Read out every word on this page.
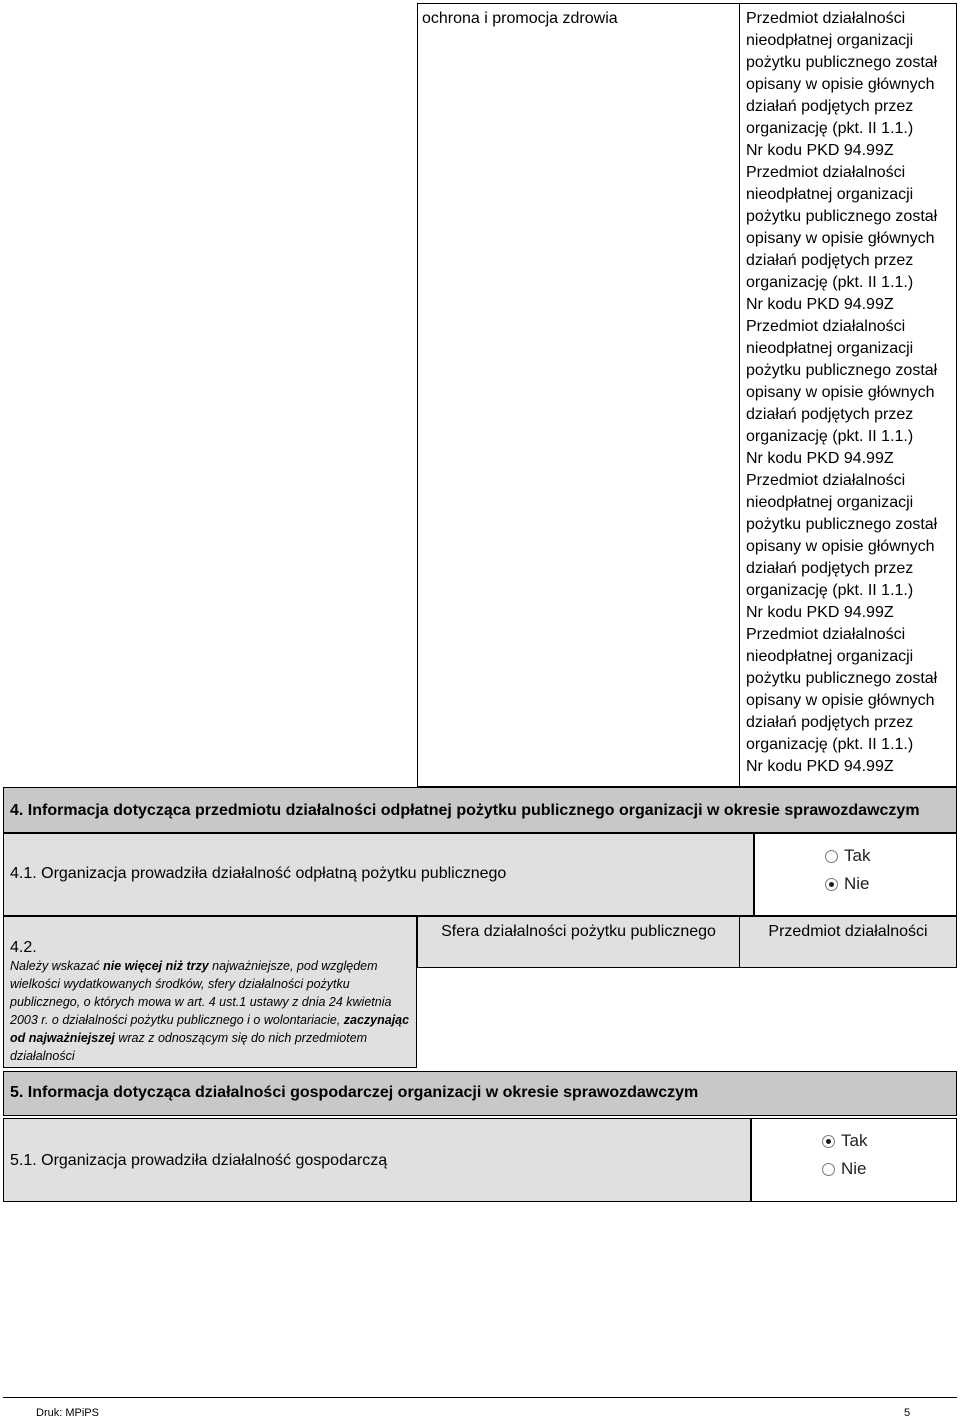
ochrona i promocja zdrowia	Przedmiot działalności nieodpłatnej organizacji pożytku publicznego został opisany w opisie głównych działań podjętych przez organizację (pkt. II 1.1.)
Nr kodu PKD 94.99Z
Przedmiot działalności nieodpłatnej organizacji pożytku publicznego został opisany w opisie głównych działań podjętych przez organizację (pkt. II 1.1.)
Nr kodu PKD 94.99Z
Przedmiot działalności nieodpłatnej organizacji pożytku publicznego został opisany w opisie głównych działań podjętych przez organizację (pkt. II 1.1.)
Nr kodu PKD 94.99Z
Przedmiot działalności nieodpłatnej organizacji pożytku publicznego został opisany w opisie głównych działań podjętych przez organizację (pkt. II 1.1.)
Nr kodu PKD 94.99Z
Przedmiot działalności nieodpłatnej organizacji pożytku publicznego został opisany w opisie głównych działań podjętych przez organizację (pkt. II 1.1.)
Nr kodu PKD 94.99Z
4. Informacja dotycząca przedmiotu działalności odpłatnej pożytku publicznego organizacji w okresie sprawozdawczym
4.1. Organizacja prowadziła działalność odpłatną pożytku publicznego
Tak
Nie
4.2.
Należy wskazać nie więcej niż trzy najważniejsze, pod względem wielkości wydatkowanych środków, sfery działalności pożytku publicznego, o których mowa w art. 4 ust.1 ustawy z dnia 24 kwietnia 2003 r. o działalności pożytku publicznego i o wolontariacie, zaczynając od najważniejszej wraz z odnoszącym się do nich przedmiotem działalności
Sfera działalności pożytku publicznego	Przedmiot działalności
5. Informacja dotycząca działalności gospodarczej organizacji w okresie sprawozdawczym
5.1. Organizacja prowadziła działalność gospodarczą
Tak
Nie
Druk: MPiPS	5
